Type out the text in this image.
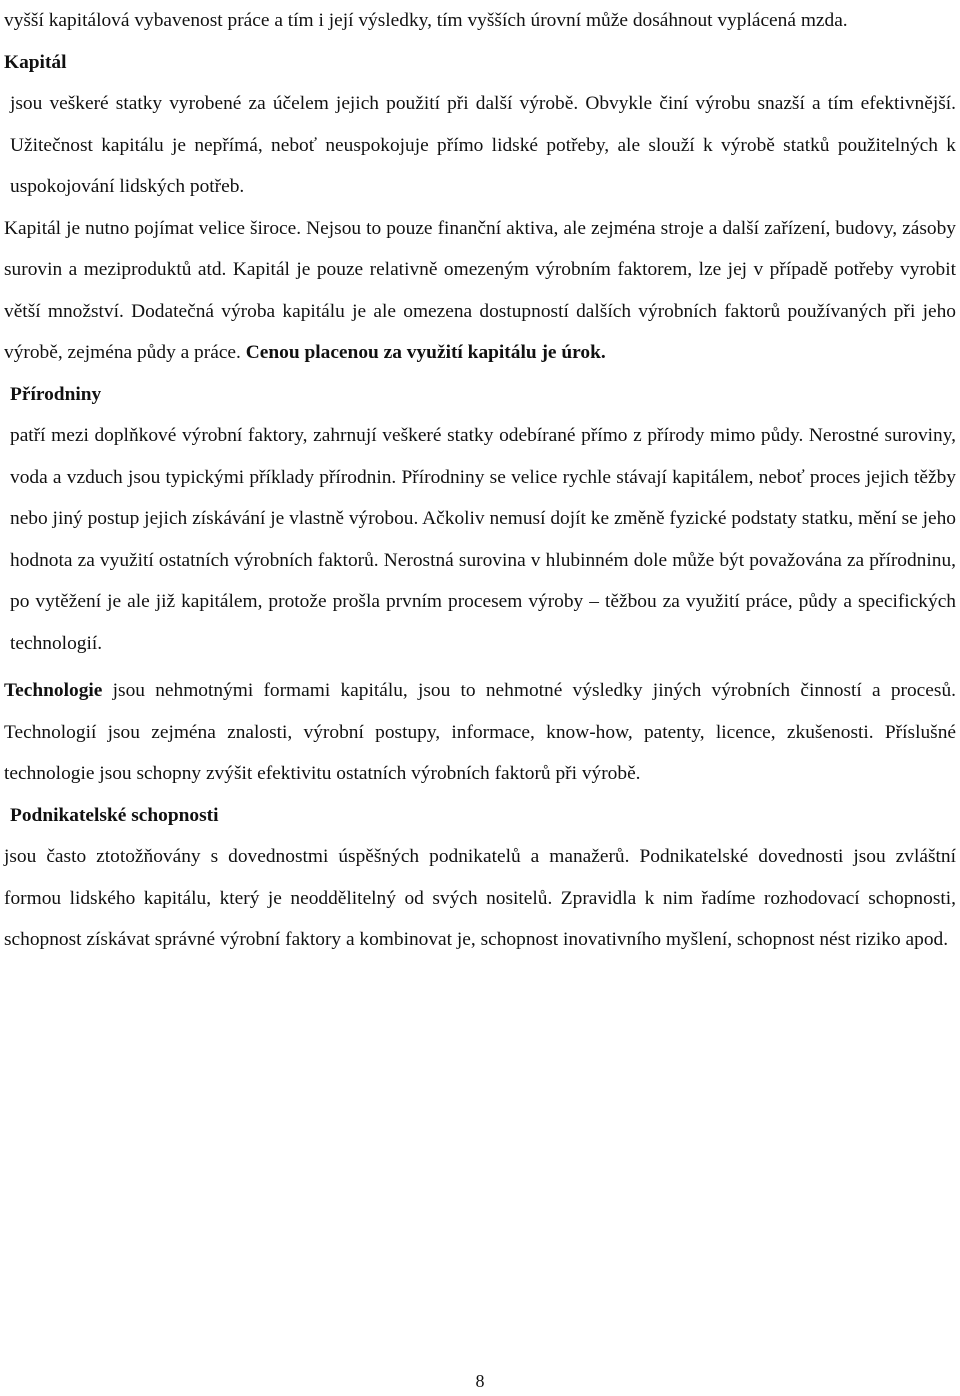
vyšší kapitálová vybavenost práce a tím i její výsledky, tím vyšších úrovní může dosáhnout vyplácená mzda.

Kapitál

jsou veškeré statky vyrobené za účelem jejich použití při další výrobě. Obvykle činí výrobu snazší a tím efektivnější. Užitečnost kapitálu je nepřímá, neboť neuspokojuje přímo lidské potřeby, ale slouží k výrobě statků použitelných k uspokojování lidských potřeb.

Kapitál je nutno pojímat velice široce. Nejsou to pouze finanční aktiva, ale zejména stroje a další zařízení, budovy, zásoby surovin a meziproduktů atd. Kapitál je pouze relativně omezeným výrobním faktorem, lze jej v případě potřeby vyrobit větší množství. Dodatečná výroba kapitálu je ale omezena dostupností dalších výrobních faktorů používaných při jeho výrobě, zejména půdy a práce. Cenou placenou za využití kapitálu je úrok.

Přírodniny

patří mezi doplňkové výrobní faktory, zahrnují veškeré statky odebírané přímo z přírody mimo půdy. Nerostné suroviny, voda a vzduch jsou typickými příklady přírodnin. Přírodniny se velice rychle stávají kapitálem, neboť proces jejich těžby nebo jiný postup jejich získávání je vlastně výrobou. Ačkoliv nemusí dojít ke změně fyzické podstaty statku, mění se jeho hodnota za využití ostatních výrobních faktorů. Nerostná surovina v hlubinném dole může být považována za přírodninu, po vytěžení je ale již kapitálem, protože prošla prvním procesem výroby – těžbou za využití práce, půdy a specifických technologií.

Technologie jsou nehmotnými formami kapitálu, jsou to nehmotné výsledky jiných výrobních činností a procesů. Technologií jsou zejména znalosti, výrobní postupy, informace, know-how, patenty, licence, zkušenosti. Příslušné technologie jsou schopny zvýšit efektivitu ostatních výrobních faktorů při výrobě.

Podnikatelské schopnosti

jsou často ztotožňovány s dovednostmi úspěšných podnikatelů a manažerů. Podnikatelské dovednosti jsou zvláštní formou lidského kapitálu, který je neoddělitelný od svých nositelů. Zpravidla k nim řadíme rozhodovací schopnosti, schopnost získávat správné výrobní faktory a kombinovat je, schopnost inovativního myšlení, schopnost nést riziko apod.

8
